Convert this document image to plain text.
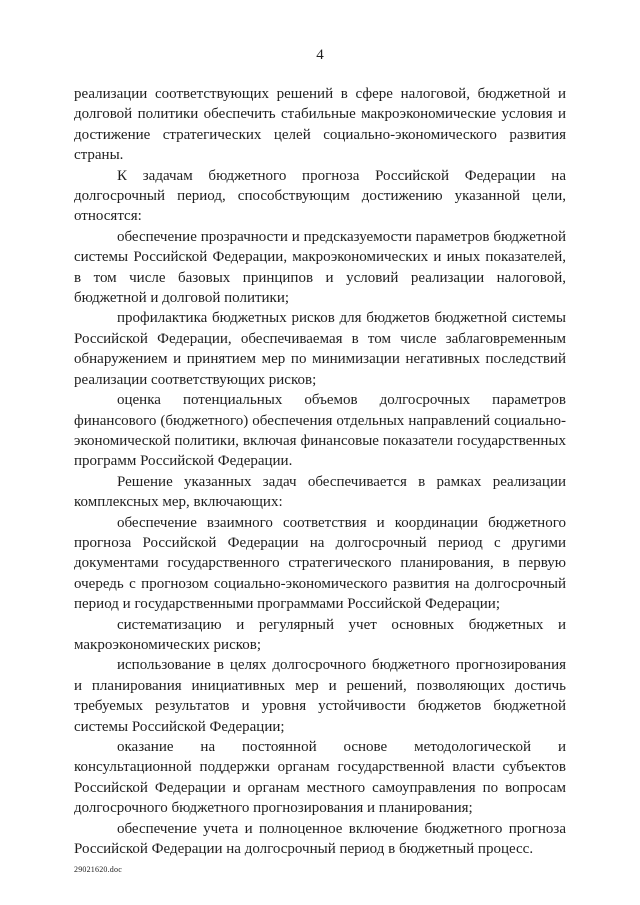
4

реализации соответствующих решений в сфере налоговой, бюджетной и долговой политики обеспечить стабильные макроэкономические условия и достижение стратегических целей социально-экономического развития страны.

К задачам бюджетного прогноза Российской Федерации на долгосрочный период, способствующим достижению указанной цели, относятся:

обеспечение прозрачности и предсказуемости параметров бюджетной системы Российской Федерации, макроэкономических и иных показателей, в том числе базовых принципов и условий реализации налоговой, бюджетной и долговой политики;

профилактика бюджетных рисков для бюджетов бюджетной системы Российской Федерации, обеспечиваемая в том числе заблаговременным обнаружением и принятием мер по минимизации негативных последствий реализации соответствующих рисков;

оценка потенциальных объемов долгосрочных параметров финансового (бюджетного) обеспечения отдельных направлений социально-экономической политики, включая финансовые показатели государственных программ Российской Федерации.

Решение указанных задач обеспечивается в рамках реализации комплексных мер, включающих:

обеспечение взаимного соответствия и координации бюджетного прогноза Российской Федерации на долгосрочный период с другими документами государственного стратегического планирования, в первую очередь с прогнозом социально-экономического развития на долгосрочный период и государственными программами Российской Федерации;

систематизацию и регулярный учет основных бюджетных и макроэкономических рисков;

использование в целях долгосрочного бюджетного прогнозирования и планирования инициативных мер и решений, позволяющих достичь требуемых результатов и уровня устойчивости бюджетов бюджетной системы Российской Федерации;

оказание на постоянной основе методологической и консультационной поддержки органам государственной власти субъектов Российской Федерации и органам местного самоуправления по вопросам долгосрочного бюджетного прогнозирования и планирования;

обеспечение учета и полноценное включение бюджетного прогноза Российской Федерации на долгосрочный период в бюджетный процесс.

29021620.doc
